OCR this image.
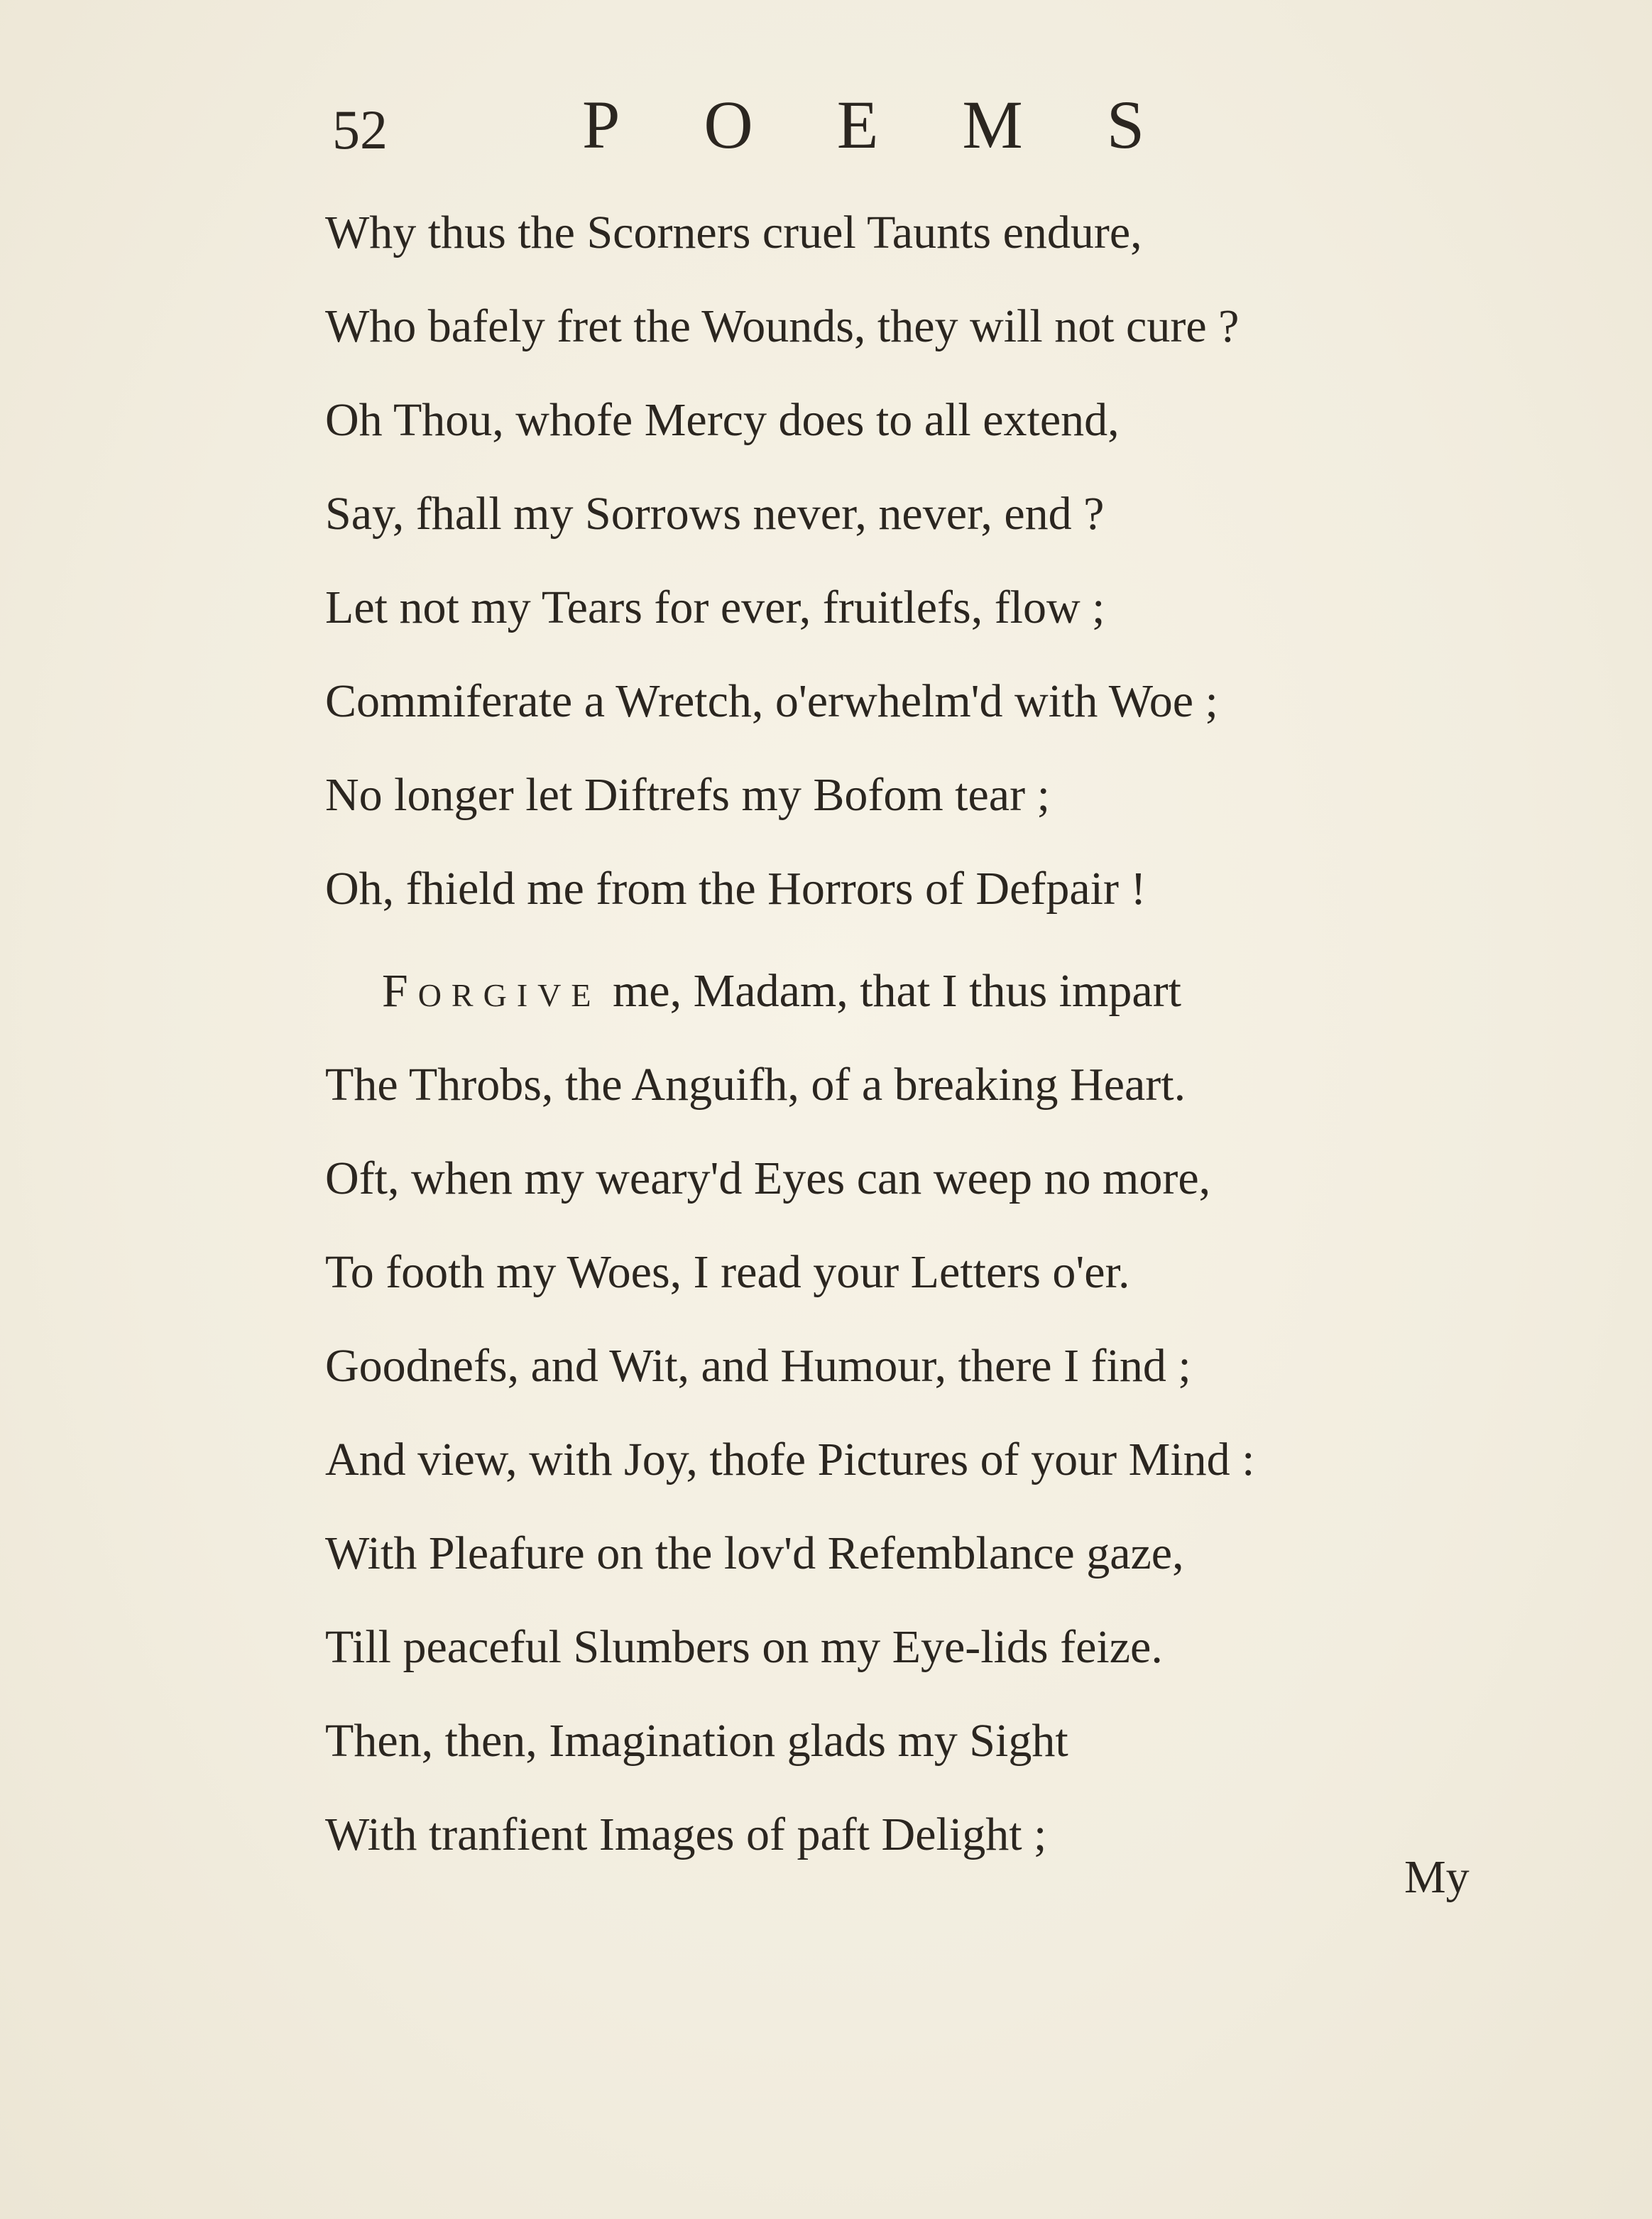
52	POEMS
Why thus the Scorners cruel Taunts endure,
Who bafely fret the Wounds, they will not cure ?
Oh Thou, whofe Mercy does to all extend,
Say, fhall my Sorrows never, never, end ?
Let not my Tears for ever, fruitlefs, flow ;
Commiferate a Wretch, o'erwhelm'd with Woe ;
No longer let Diftrefs my Bofom tear ;
Oh, fhield me from the Horrors of Defpair !
Forgive me, Madam, that I thus impart
The Throbs, the Anguifh, of a breaking Heart.
Oft, when my weary'd Eyes can weep no more,
To footh my Woes, I read your Letters o'er.
Goodnefs, and Wit, and Humour, there I find ;
And view, with Joy, thofe Pictures of your Mind :
With Pleafure on the lov'd Refemblance gaze,
Till peaceful Slumbers on my Eye-lids feize.
Then, then, Imagination glads my Sight
With tranfient Images of paft Delight ;
My
